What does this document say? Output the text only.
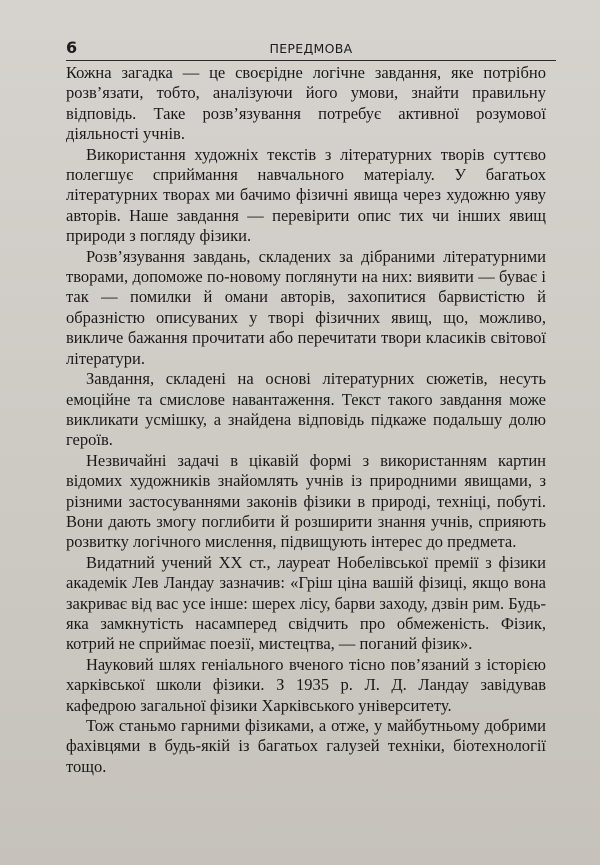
6	ПЕРЕДМОВА

Кожна загадка — це своєрідне логічне завдання, яке потрібно розв’язати, тобто, аналізуючи його умови, знайти правильну відповідь. Таке розв’язування потребує активної розумової діяльності учнів.

Використання художніх текстів з літературних творів суттєво полегшує сприймання навчального матеріалу. У багатьох літературних творах ми бачимо фізичні явища через художню уяву авторів. Наше завдання — перевірити опис тих чи інших явищ природи з погляду фізики.

Розв’язування завдань, складених за дібраними літературними творами, допоможе по-новому поглянути на них: виявити — буває і так — помилки й омани авторів, захопитися барвистістю й образністю описуваних у творі фізичних явищ, що, можливо, викличе бажання прочитати або перечитати твори класиків світової літератури.

Завдання, складені на основі літературних сюжетів, несуть емоційне та смислове навантаження. Текст такого завдання може викликати усмішку, а знайдена відповідь підкаже подальшу долю героїв.

Незвичайні задачі в цікавій формі з використанням картин відомих художників знайомлять учнів із природними явищами, з різними застосуваннями законів фізики в природі, техніці, побуті. Вони дають змогу поглибити й розширити знання учнів, сприяють розвитку логічного мислення, підвищують інтерес до предмета.

Видатний учений XX ст., лауреат Нобелівської премії з фізики академік Лев Ландау зазначив: «Гріш ціна вашій фізиці, якщо вона закриває від вас усе інше: шерех лісу, барви заходу, дзвін рим. Будь-яка замкнутість насамперед свідчить про обмеженість. Фізик, котрий не сприймає поезії, мистецтва, — поганий фізик».

Науковий шлях геніального вченого тісно пов’язаний з історією харківської школи фізики. З 1935 р. Л. Д. Ландау завідував кафедрою загальної фізики Харківського університету.

Тож станьмо гарними фізиками, а отже, у майбутньому добрими фахівцями в будь-якій із багатьох галузей техніки, біотехнології тощо.
